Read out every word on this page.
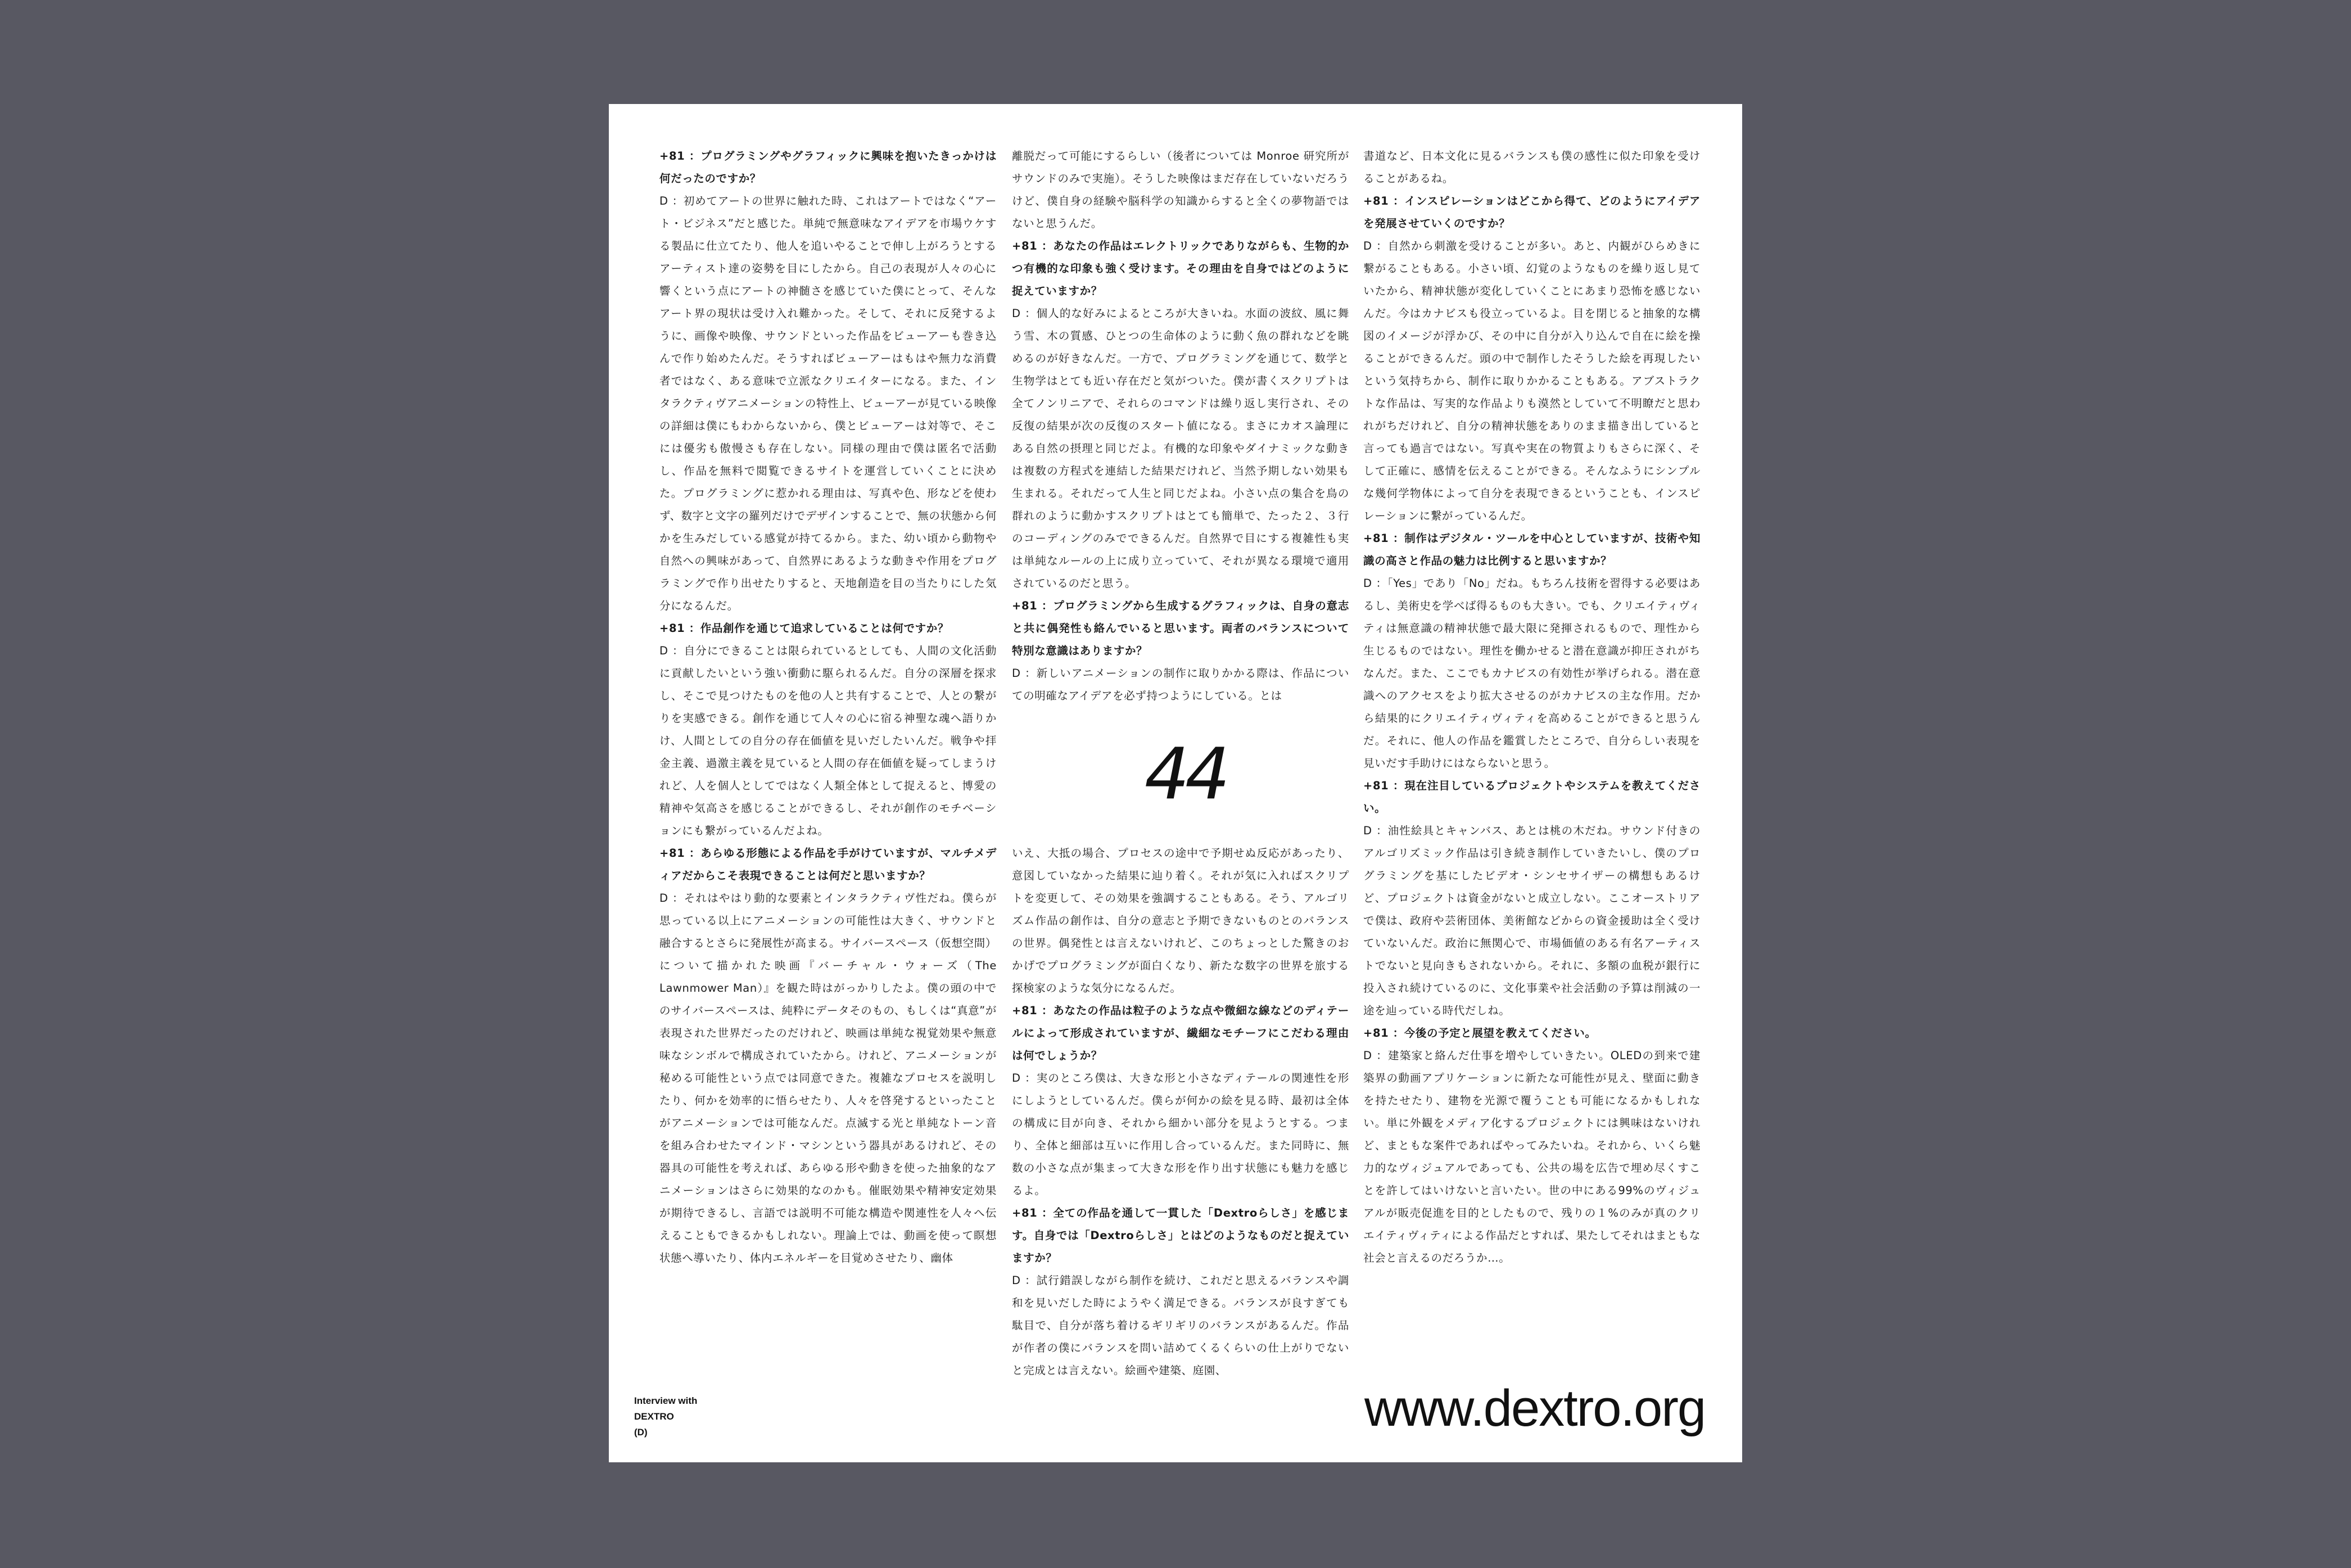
+81 ：プログラミングやグラフィックに興味を抱いたきっかけは何だったのですか？

D ：初めてアートの世界に触れた時、これはアートではなく“アート・ビジネス”だと感じた。単純で無意味なアイデアを市場ウケする製品に仕立てたり、他人を追いやることで伸し上がろうとするアーティスト達の姿勢を目にしたから。自己の表現が人々の心に響くという点にアートの神髄さを感じていた僕にとって、そんなアート界の現状は受け入れ難かった。そして、それに反発するように、画像や映像、サウンドといった作品をビューアーも巻き込んで作り始めたんだ。そうすればビューアーはもはや無力な消費者ではなく、ある意味で立派なクリエイターになる。また、インタラクティヴアニメーションの特性上、ビューアーが見ている映像の詳細は僕にもわからないから、僕とビューアーは対等で、そこには優劣も傲慢さも存在しない。同様の理由で僕は匿名で活動し、作品を無料で閲覧できるサイトを運営していくことに決めた。プログラミングに惹かれる理由は、写真や色、形などを使わず、数字と文字の羅列だけでデザインすることで、無の状態から何かを生みだしている感覚が持てるから。また、幼い頃から動物や自然への興味があって、自然界にあるような動きや作用をプログラミングで作り出せたりすると、天地創造を目の当たりにした気分になるんだ。

+81 ：作品創作を通じて追求していることは何ですか？

D ：自分にできることは限られているとしても、人間の文化活動に貢献したいという強い衝動に駆られるんだ。自分の深層を探求し、そこで見つけたものを他の人と共有することで、人との繋がりを実感できる。創作を通じて人々の心に宿る神聖な魂へ語りかけ、人間としての自分の存在価値を見いだしたいんだ。戦争や拝金主義、過激主義を見ていると人間の存在価値を疑ってしまうけれど、人を個人としてではなく人類全体として捉えると、博愛の精神や気高さを感じることができるし、それが創作のモチベーションにも繋がっているんだよね。

+81 ：あらゆる形態による作品を手がけていますが、マルチメディアだからこそ表現できることは何だと思いますか？

D ：それはやはり動的な要素とインタラクティヴ性だね。僕らが思っている以上にアニメーションの可能性は大きく、サウンドと融合するとさらに発展性が高まる。サイバースペース（仮想空間）について描かれた映画『バーチャル・ウォーズ（The Lawnmower Man）』を観た時はがっかりしたよ。僕の頭の中でのサイバースペースは、純粋にデータそのもの、もしくは“真意”が表現された世界だったのだけれど、映画は単純な視覚効果や無意味なシンボルで構成されていたから。けれど、アニメーションが秘める可能性という点では同意できた。複雑なプロセスを説明したり、何かを効率的に悟らせたり、人々を啓発するといったことがアニメーションでは可能なんだ。点滅する光と単純なトーン音を組み合わせたマインド・マシンという器具があるけれど、その器具の可能性を考えれば、あらゆる形や動きを使った抽象的なアニメーションはさらに効果的なのかも。催眠効果や精神安定効果が期待できるし、言語では説明不可能な構造や関連性を人々へ伝えることもできるかもしれない。理論上では、動画を使って瞑想状態へ導いたり、体内エネルギーを目覚めさせたり、幽体

離脱だって可能にするらしい（後者については Monroe 研究所がサウンドのみで実施）。そうした映像はまだ存在していないだろうけど、僕自身の経験や脳科学の知識からすると全くの夢物語ではないと思うんだ。

+81 ：あなたの作品はエレクトリックでありながらも、生物的かつ有機的な印象も強く受けます。その理由を自身ではどのように捉えていますか？

D ：個人的な好みによるところが大きいね。水面の波紋、風に舞う雪、木の質感、ひとつの生命体のように動く魚の群れなどを眺めるのが好きなんだ。一方で、プログラミングを通じて、数学と生物学はとても近い存在だと気がついた。僕が書くスクリプトは全てノンリニアで、それらのコマンドは繰り返し実行され、その反復の結果が次の反復のスタート値になる。まさにカオス論理にある自然の摂理と同じだよ。有機的な印象やダイナミックな動きは複数の方程式を連結した結果だけれど、当然予期しない効果も生まれる。それだって人生と同じだよね。小さい点の集合を鳥の群れのように動かすスクリプトはとても簡単で、たった２、３行のコーディングのみでできるんだ。自然界で目にする複雑性も実は単純なルールの上に成り立っていて、それが異なる環境で適用されているのだと思う。

+81 ：プログラミングから生成するグラフィックは、自身の意志と共に偶発性も絡んでいると思います。両者のバランスについて特別な意識はありますか？

D ：新しいアニメーションの制作に取りかかる際は、作品についての明確なアイデアを必ず持つようにしている。とは

いえ、大抵の場合、プロセスの途中で予期せぬ反応があったり、意図していなかった結果に辿り着く。それが気に入ればスクリプトを変更して、その効果を強調することもある。そう、アルゴリズム作品の創作は、自分の意志と予期できないものとのバランスの世界。偶発性とは言えないけれど、このちょっとした驚きのおかげでプログラミングが面白くなり、新たな数字の世界を旅する探検家のような気分になるんだ。

+81 ：あなたの作品は粒子のような点や微細な線などのディテールによって形成されていますが、繊細なモチーフにこだわる理由は何でしょうか？

D ：実のところ僕は、大きな形と小さなディテールの関連性を形にしようとしているんだ。僕らが何かの絵を見る時、最初は全体の構成に目が向き、それから細かい部分を見ようとする。つまり、全体と細部は互いに作用し合っているんだ。また同時に、無数の小さな点が集まって大きな形を作り出す状態にも魅力を感じるよ。

+81 ：全ての作品を通して一貫した「Dextroらしさ」を感じます。自身では「Dextroらしさ」とはどのようなものだと捉えていますか？

D ：試行錯誤しながら制作を続け、これだと思えるバランスや調和を見いだした時にようやく満足できる。バランスが良すぎても駄目で、自分が落ち着けるギリギリのバランスがあるんだ。作品が作者の僕にバランスを問い詰めてくるくらいの仕上がりでないと完成とは言えない。絵画や建築、庭園、

44

書道など、日本文化に見るバランスも僕の感性に似た印象を受けることがあるね。

+81 ：インスピレーションはどこから得て、どのようにアイデアを発展させていくのですか？

D ：自然から刺激を受けることが多い。あと、内観がひらめきに繋がることもある。小さい頃、幻覚のようなものを繰り返し見ていたから、精神状態が変化していくことにあまり恐怖を感じないんだ。今はカナビスも役立っているよ。目を閉じると抽象的な構図のイメージが浮かび、その中に自分が入り込んで自在に絵を操ることができるんだ。頭の中で制作したそうした絵を再現したいという気持ちから、制作に取りかかることもある。アブストラクトな作品は、写実的な作品よりも漠然としていて不明瞭だと思われがちだけれど、自分の精神状態をありのまま描き出していると言っても過言ではない。写真や実在の物質よりもさらに深く、そして正確に、感情を伝えることができる。そんなふうにシンプルな幾何学物体によって自分を表現できるということも、インスピレーションに繋がっているんだ。

+81 ：制作はデジタル・ツールを中心としていますが、技術や知識の高さと作品の魅力は比例すると思いますか？

D ：「Yes」であり「No」だね。もちろん技術を習得する必要はあるし、美術史を学べば得るものも大きい。でも、クリエイティヴィティは無意識の精神状態で最大限に発揮されるもので、理性から生じるものではない。理性を働かせると潜在意識が抑圧されがちなんだ。また、ここでもカナビスの有効性が挙げられる。潜在意識へのアクセスをより拡大させるのがカナビスの主な作用。だから結果的にクリエイティヴィティを高めることができると思うんだ。それに、他人の作品を鑑賞したところで、自分らしい表現を見いだす手助けにはならないと思う。

+81 ：現在注目しているプロジェクトやシステムを教えてください。

D ：油性絵具とキャンバス、あとは桃の木だね。サウンド付きのアルゴリズミック作品は引き続き制作していきたいし、僕のプログラミングを基にしたビデオ・シンセサイザーの構想もあるけど、プロジェクトは資金がないと成立しない。ここオーストリアで僕は、政府や芸術団体、美術館などからの資金援助は全く受けていないんだ。政治に無関心で、市場価値のある有名アーティストでないと見向きもされないから。それに、多額の血税が銀行に投入され続けているのに、文化事業や社会活動の予算は削減の一途を辿っている時代だしね。

+81 ：今後の予定と展望を教えてください。

D ：建築家と絡んだ仕事を増やしていきたい。OLEDの到来で建築界の動画アプリケーションに新たな可能性が見え、壁面に動きを持たせたり、建物を光源で覆うことも可能になるかもしれない。単に外観をメディア化するプロジェクトには興味はないけれど、まともな案件であればやってみたいね。それから、いくら魅力的なヴィジュアルであっても、公共の場を広告で埋め尽くすことを許してはいけないと言いたい。世の中にある99%のヴィジュアルが販売促進を目的としたもので、残りの１%のみが真のクリエイティヴィティによる作品だとすれば、果たしてそれはまともな社会と言えるのだろうか…。

Interview with
DEXTRO
(D)	www.dextro.org
